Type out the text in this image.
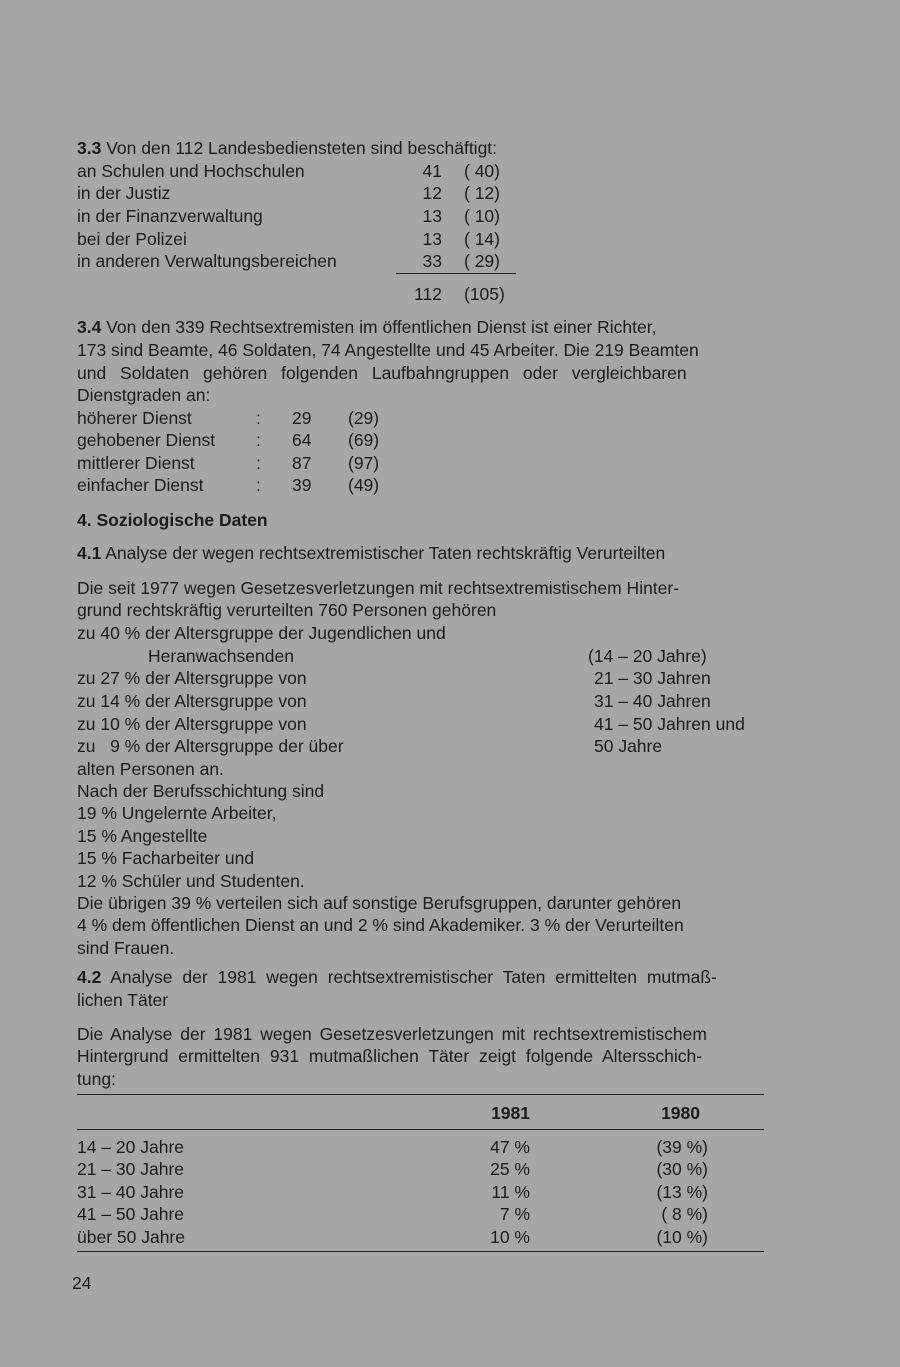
3.3 Von den 112 Landesbediensteten sind beschäftigt:
an Schulen und Hochschulen	41 ( 40)
in der Justiz	12 ( 12)
in der Finanzverwaltung	13 ( 10)
bei der Polizei	13 ( 14)
in anderen Verwaltungsbereichen	33 ( 29)
112 (105)
3.4 Von den 339 Rechtsextremisten im öffentlichen Dienst ist einer Richter,
173 sind Beamte, 46 Soldaten, 74 Angestellte und 45 Arbeiter. Die 219 Beamten
und Soldaten gehören folgenden Laufbahngruppen oder vergleichbaren
Dienstgraden an:
höherer Dienst	: 29 (29)
gehobener Dienst : 64 (69)
mittlerer Dienst	: 87 (97)
einfacher Dienst	: 39 (49)
4. Soziologische Daten
4.1 Analyse der wegen rechtsextremistischer Taten rechtskräftig Verurteilten
Die seit 1977 wegen Gesetzesverletzungen mit rechtsextremistischem Hinter-
grund rechtskräftig verurteilten 760 Personen gehören
zu 40 % der Altersgruppe der Jugendlichen und
Heranwachsenden	(14 – 20 Jahre)
zu 27 % der Altersgruppe von	21 – 30 Jahren
zu 14 % der Altersgruppe von	31 – 40 Jahren
zu 10 % der Altersgruppe von	41 – 50 Jahren und
zu   9 % der Altersgruppe der über	50 Jahre
alten Personen an.
Nach der Berufsschichtung sind
19 % Ungelernte Arbeiter,
15 % Angestellte
15 % Facharbeiter und
12 % Schüler und Studenten.
Die übrigen 39 % verteilen sich auf sonstige Berufsgruppen, darunter gehören
4 % dem öffentlichen Dienst an und 2 % sind Akademiker. 3 % der Verurteilten
sind Frauen.
4.2 Analyse der 1981 wegen rechtsextremistischer Taten ermittelten mutmaß-
lichen Täter
Die Analyse der 1981 wegen Gesetzesverletzungen mit rechtsextremistischem
Hintergrund ermittelten 931 mutmaßlichen Täter zeigt folgende Altersschich-
tung:
1981	1980
14 – 20 Jahre	47 %	(39 %)
21 – 30 Jahre	25 %	(30 %)
31 – 40 Jahre	11 %	(13 %)
41 – 50 Jahre	7 %	( 8 %)
über 50 Jahre	10 %	(10 %)
24
